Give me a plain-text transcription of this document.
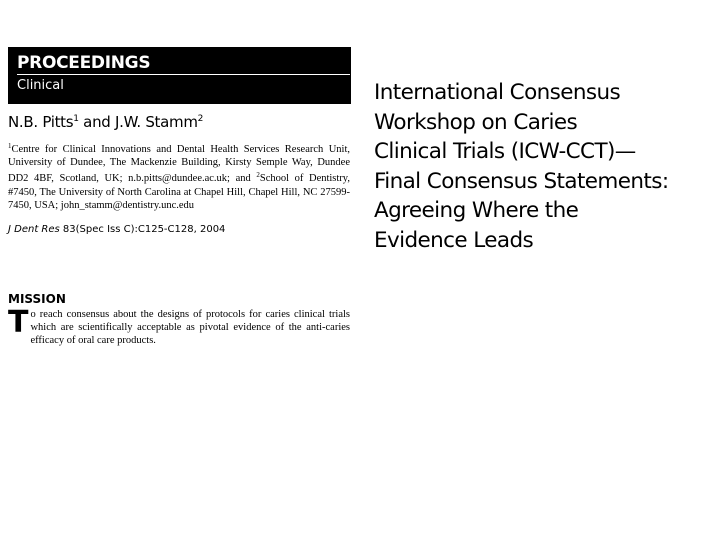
PROCEEDINGS
Clinical
N.B. Pitts$^1$ and J.W. Stamm$^2$
$^1$Centre for Clinical Innovations and Dental Health Services Research Unit, University of Dundee, The Mackenzie Building, Kirsty Semple Way, Dundee DD2 4BF, Scotland, UK; n.b.pitts@dundee.ac.uk; and $^2$School of Dentistry, #7450, The University of North Carolina at Chapel Hill, Chapel Hill, NC 27599-7450, USA; john_stamm@dentistry.unc.edu
J Dent Res 83(Spec Iss C):C125-C128, 2004
MISSION
T o reach consensus about the designs of protocols for caries clinical trials which are scientifically acceptable as pivotal evidence of the anti-caries efficacy of oral care products.
International Consensus
Workshop on Caries
Clinical Trials (ICW-CCT)—
Final Consensus Statements:
Agreeing Where the
Evidence Leads
